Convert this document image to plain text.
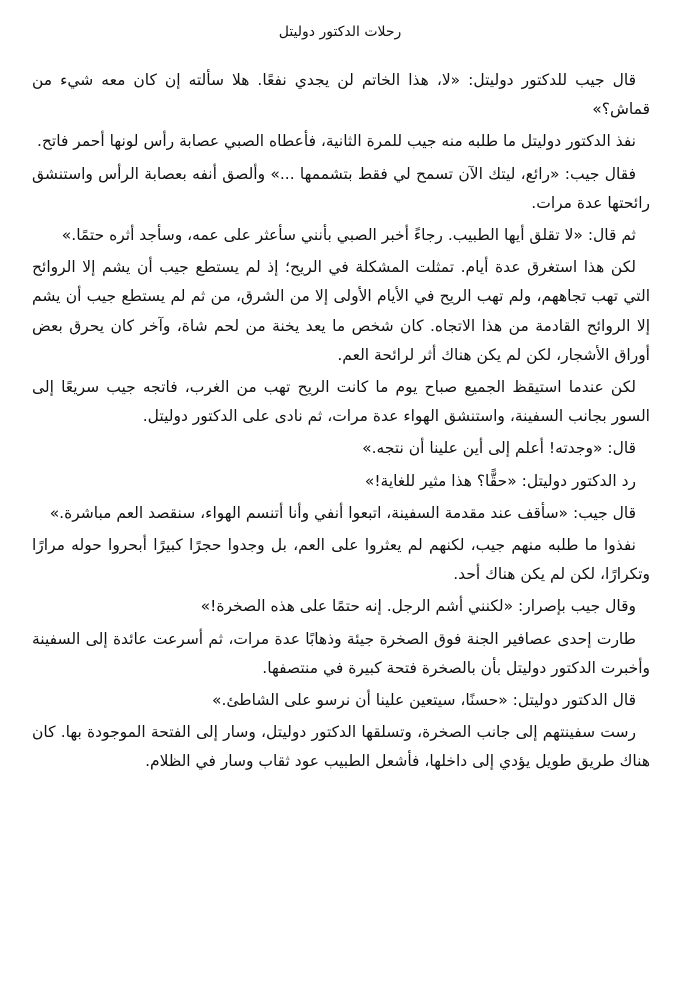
رحلات الدكتور دوليتل

قال جيب للدكتور دوليتل: «لا، هذا الخاتم لن يجدي نفعًا. هلا سألته إن كان معه شيء من قماش؟»

نفذ الدكتور دوليتل ما طلبه منه جيب للمرة الثانية، فأعطاه الصبي عصابة رأس لونها أحمر فاتح.

فقال جيب: «رائع، ليتك الآن تسمح لي فقط بتشممها ...» وألصق أنفه بعصابة الرأس واستنشق رائحتها عدة مرات.

ثم قال: «لا تقلق أيها الطبيب. رجاءً أخبر الصبي بأنني سأعثر على عمه، وسأجد أثره حتمًا.»

لكن هذا استغرق عدة أيام. تمثلت المشكلة في الريح؛ إذ لم يستطع جيب أن يشم إلا الروائح التي تهب تجاههم، ولم تهب الريح في الأيام الأولى إلا من الشرق، من ثم لم يستطع جيب أن يشم إلا الروائح القادمة من هذا الاتجاه. كان شخص ما يعد يخنة من لحم شاة، وآخر كان يحرق بعض أوراق الأشجار، لكن لم يكن هناك أثر لرائحة العم.

لكن عندما استيقظ الجميع صباح يوم ما كانت الريح تهب من الغرب، فاتجه جيب سريعًا إلى السور بجانب السفينة، واستنشق الهواء عدة مرات، ثم نادى على الدكتور دوليتل.

قال: «وجدته! أعلم إلى أين علينا أن نتجه.»

رد الدكتور دوليتل: «حقًّا؟ هذا مثير للغاية!»

قال جيب: «سأقف عند مقدمة السفينة، اتبعوا أنفي وأنا أتنسم الهواء، سنقصد العم مباشرة.»

نفذوا ما طلبه منهم جيب، لكنهم لم يعثروا على العم، بل وجدوا حجرًا كبيرًا أبحروا حوله مرارًا وتكرارًا، لكن لم يكن هناك أحد.

وقال جيب بإصرار: «لكنني أشم الرجل. إنه حتمًا على هذه الصخرة!»

طارت إحدى عصافير الجنة فوق الصخرة جيئة وذهابًا عدة مرات، ثم أسرعت عائدة إلى السفينة وأخبرت الدكتور دوليتل بأن بالصخرة فتحة كبيرة في منتصفها.

قال الدكتور دوليتل: «حسنًا، سيتعين علينا أن نرسو على الشاطئ.»

رست سفينتهم إلى جانب الصخرة، وتسلقها الدكتور دوليتل، وسار إلى الفتحة الموجودة بها. كان هناك طريق طويل يؤدي إلى داخلها، فأشعل الطبيب عود ثقاب وسار في الظلام.
